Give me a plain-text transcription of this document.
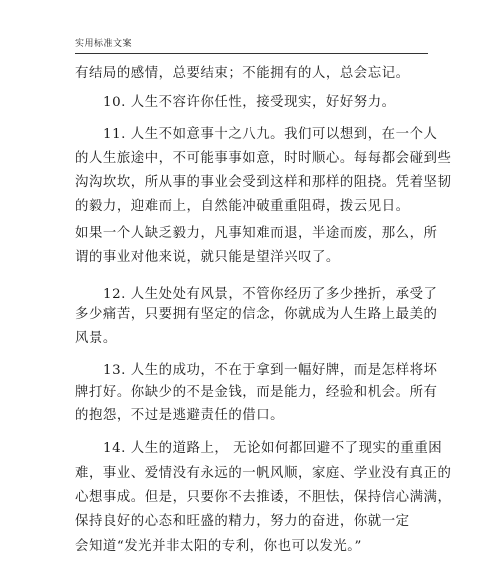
实用标准文案
有结局的感情，总要结束；不能拥有的人，总会忘记。
10. 人生不容许你任性，接受现实，好好努力。
11. 人生不如意事十之八九。我们可以想到，在一个人
的人生旅途中，不可能事事如意，时时顺心。每每都会碰到些
沟沟坎坎，所从事的事业会受到这样和那样的阻挠。凭着坚韧
的毅力，迎难而上，自然能冲破重重阻碍，拨云见日。
如果一个人缺乏毅力，凡事知难而退，半途而废，那么，所
谓的事业对他来说，就只能是望洋兴叹了。
12. 人生处处有风景，不管你经历了多少挫折，承受了
多少痛苦，只要拥有坚定的信念，你就成为人生路上最美的
风景。
13. 人生的成功，不在于拿到一幅好牌，而是怎样将坏
牌打好。你缺少的不是金钱，而是能力，经验和机会。所有
的抱怨，不过是逃避责任的借口。
14. 人生的道路上， 无论如何都回避不了现实的重重困
难，事业、爱情没有永远的一帆风顺，家庭、学业没有真正的
心想事成。但是，只要你不去推诿，不胆怯，保持信心满满，
保持良好的心态和旺盛的精力，努力的奋进，你就一定
会知道“发光并非太阳的专利，你也可以发光。”
